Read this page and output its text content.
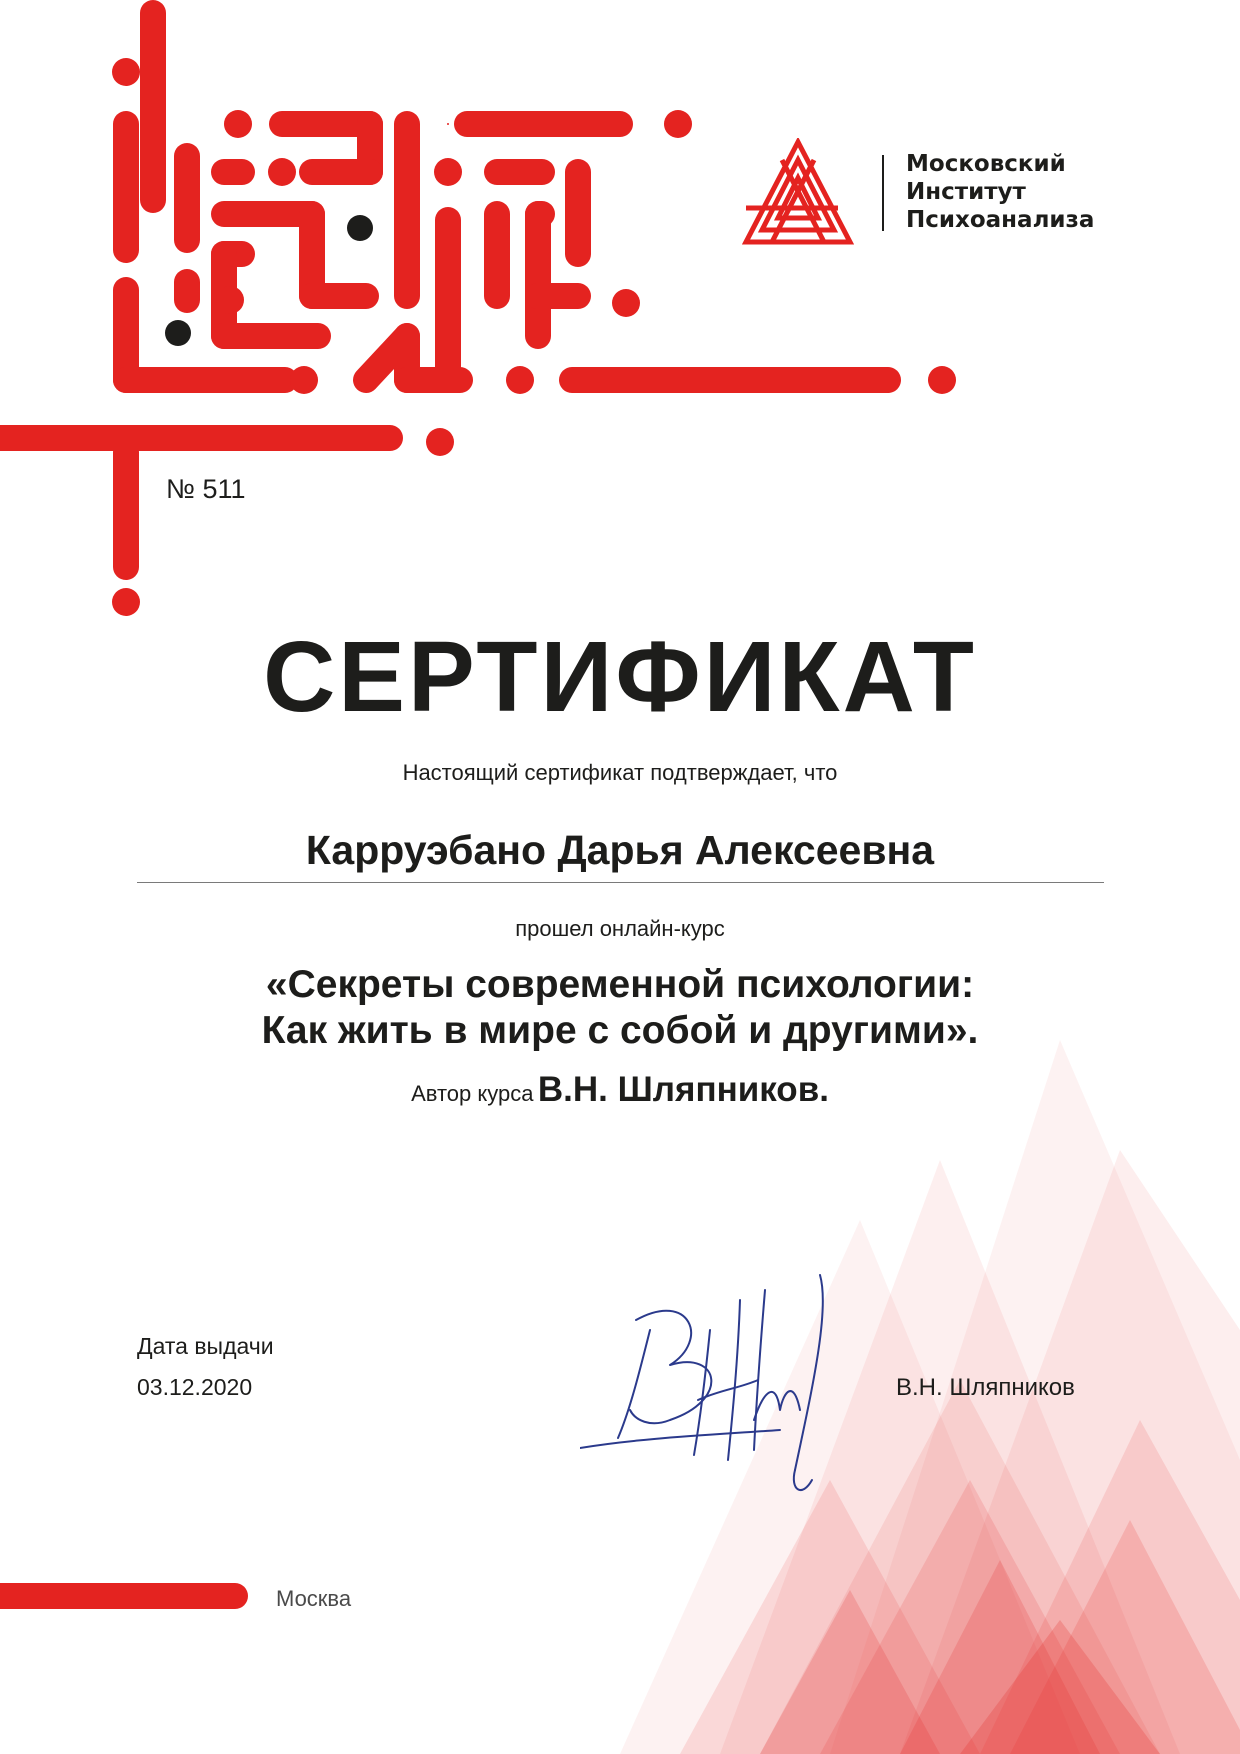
Московский
Институт
Психоанализа
№ 511
СЕРТИФИКАТ
Настоящий сертификат подтверждает, что
Карруэбано Дарья Алексеевна
прошел онлайн-курс
«Секреты современной психологии:
Как жить в мире с собой и другими».
Автор курса В.Н. Шляпников.
Дата выдачи
03.12.2020	В.Н. Шляпников
Москва
